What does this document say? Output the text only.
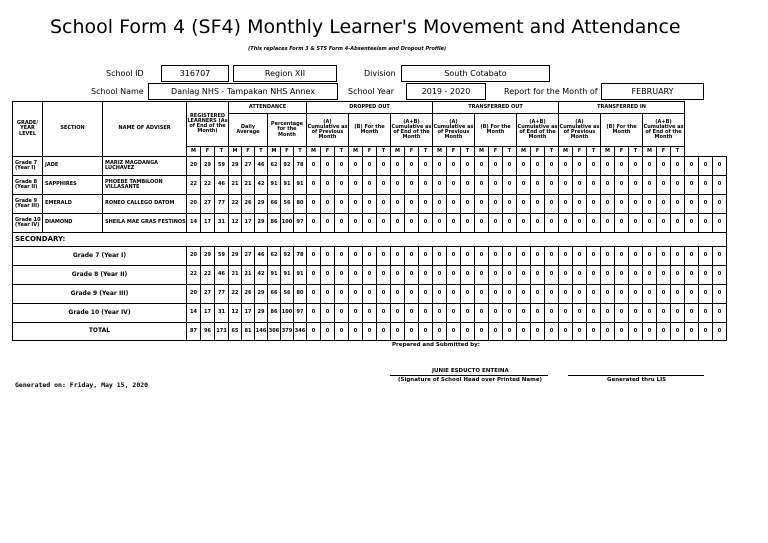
School Form 4 (SF4) Monthly Learner's Movement and Attendance
(This replaces Form 3 & STS Form 4-Absenteeism and Dropout Profile)
School ID	316707	Region XII	Division	South Cotabato
School Name	Danlag NHS - Tampakan NHS Annex	School Year	2019 - 2020	Report for the Month of	FEBRUARY
GRADE/ YEAR LEVEL	SECTION	NAME OF ADVISER	REGISTERED LEARNERS (As of End of the Month)			ATTENDANCE						DROPPED OUT									TRANSFERRED OUT									TRANSFERRED IN											
						Daily Average			Percentage for the Month			(A) Cumulative as of Previous Month			(B) For the Month			(A+B) Cumulative as of End of the Month			(A) Cumulative as of Previous Month			(B) For the Month			(A+B) Cumulative as of End of the Month			(A) Cumulative as of Previous Month			(B) For the Month			(A+B) Cumulative as of End of the Month					
			M	F	T	M	F	T	M	F	T	M	F	T	M	F	T	M	F	T	M	F	T	M	F	T	M	F	T	M	F	T	M	F	T	M	F	T			
Grade 7 (Year I)	JADE	MARIZ MAGDANGA LUCHAVEZ	20	29	59	29	27	46	62	92	78	0	0	0	0	0	0	0	0	0	0	0	0	0	0	0	0	0	0	0	0	0	0	0	0	0	0	0	0	0	0
Grade 8 (Year II)	SAPPHIRES	PHOEBE TAMBILOON VILLASANTE	22	22	46	21	21	42	91	91	91	0	0	0	0	0	0	0	0	0	0	0	0	0	0	0	0	0	0	0	0	0	0	0	0	0	0	0	0	0	0
Grade 9 (Year III)	EMERALD	RONEO CALLEGO DATOM	20	27	77	22	26	29	66	56	80	0	0	0	0	0	0	0	0	0	0	0	0	0	0	0	0	0	0	0	0	0	0	0	0	0	0	0	0	0	0
Grade 10 (Year IV)	DIAMOND	SHEILA MAE GRAS FESTINOS	14	17	31	12	17	29	86	100	97	0	0	0	0	0	0	0	0	0	0	0	0	0	0	0	0	0	0	0	0	0	0	0	0	0	0	0	0	0	0
SECONDARY:																																									
Grade 7 (Year I)			20	29	59	29	27	46	62	92	78	0	0	0	0	0	0	0	0	0	0	0	0	0	0	0	0	0	0	0	0	0	0	0	0	0	0	0	0	0	0
Grade 8 (Year II)			22	22	46	21	21	42	91	91	91	0	0	0	0	0	0	0	0	0	0	0	0	0	0	0	0	0	0	0	0	0	0	0	0	0	0	0	0	0	0
Grade 9 (Year III)			20	27	77	22	26	29	66	56	80	0	0	0	0	0	0	0	0	0	0	0	0	0	0	0	0	0	0	0	0	0	0	0	0	0	0	0	0	0	0
Grade 10 (Year IV)			14	17	31	12	17	29	86	100	97	0	0	0	0	0	0	0	0	0	0	0	0	0	0	0	0	0	0	0	0	0	0	0	0	0	0	0	0	0	0
TOTAL			87	96	173	65	81	146	306	379	346	0	0	0	0	0	0	0	0	0	0	0	0	0	0	0	0	0	0	0	0	0	0	0	0	0	0	0	0	0	0
Prepared and Submitted by:
JUNIE ESDUCTO ENTEINA
(Signature of School Head over Printed Name)	Generated thru LIS
Generated on: Friday, May 15, 2020
